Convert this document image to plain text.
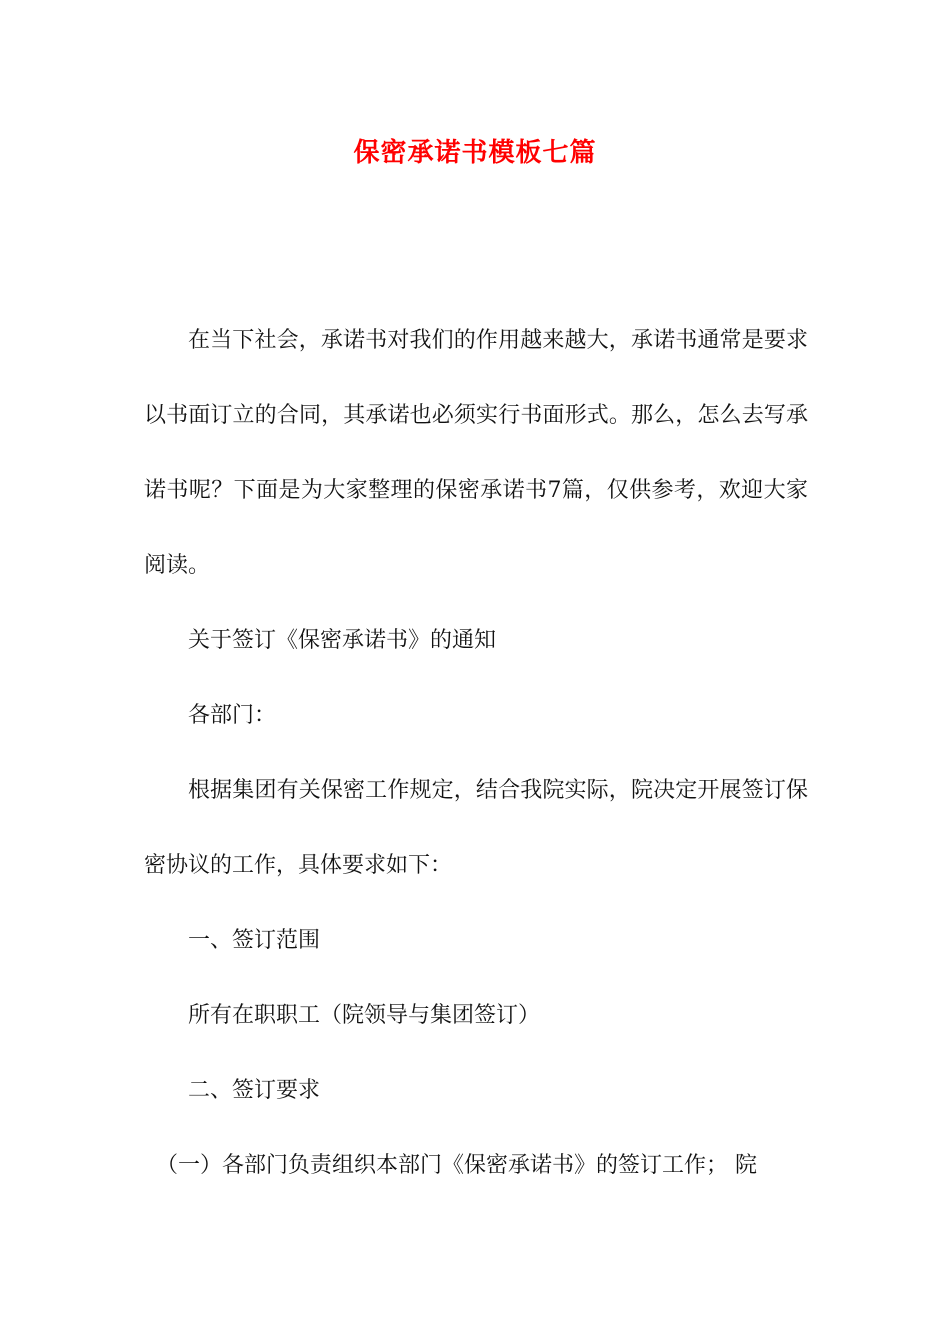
保密承诺书模板七篇

在当下社会，承诺书对我们的作用越来越大，承诺书通常是要求以书面订立的合同，其承诺也必须实行书面形式。那么，怎么去写承诺书呢？下面是为大家整理的保密承诺书7篇，仅供参考，欢迎大家阅读。

关于签订《保密承诺书》的通知

各部门：

根据集团有关保密工作规定，结合我院实际，院决定开展签订保密协议的工作，具体要求如下：

一、签订范围

所有在职职工（院领导与集团签订）

二、签订要求

（一）各部门负责组织本部门《保密承诺书》的签订工作； 院
